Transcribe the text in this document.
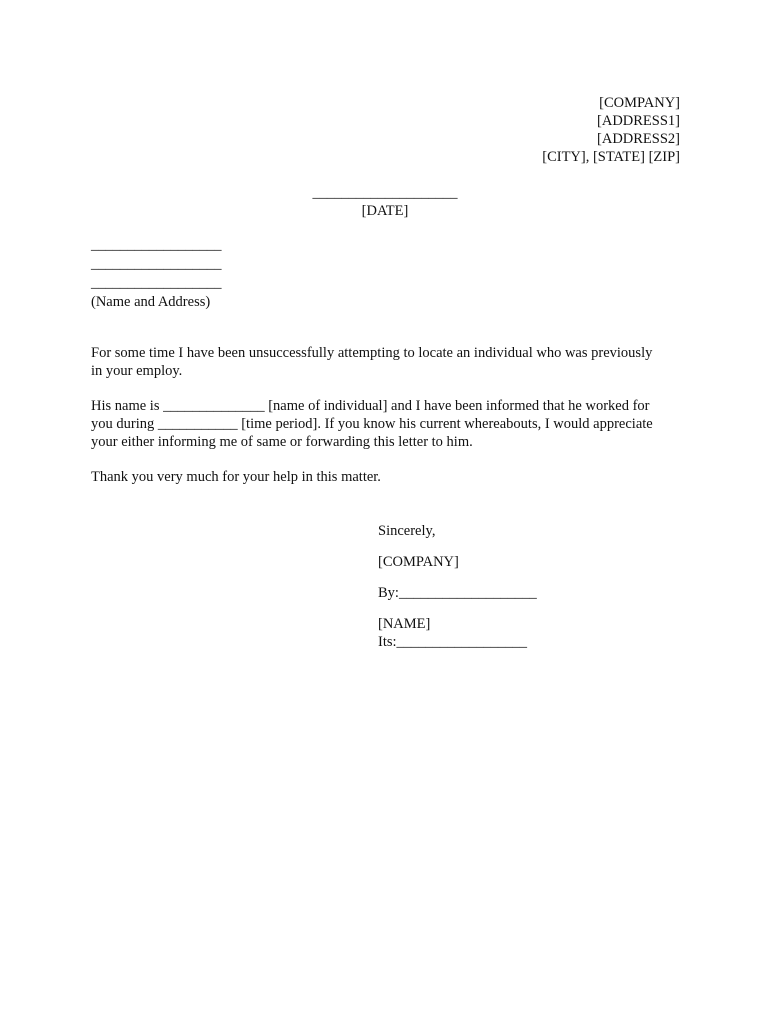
[COMPANY]
[ADDRESS1]
[ADDRESS2]
[CITY], [STATE] [ZIP]
____________________
[DATE]
__________________
__________________
__________________
(Name and Address)

For some time I have been unsuccessfully attempting to locate an individual who was previously
in your employ.

His name is ______________ [name of individual] and I have been informed that he worked for
you during ___________ [time period]. If you know his current whereabouts, I would appreciate
your either informing me of same or forwarding this letter to him.

Thank you very much for your help in this matter.

Sincerely,
[COMPANY]
By:___________________
[NAME]
Its:__________________
